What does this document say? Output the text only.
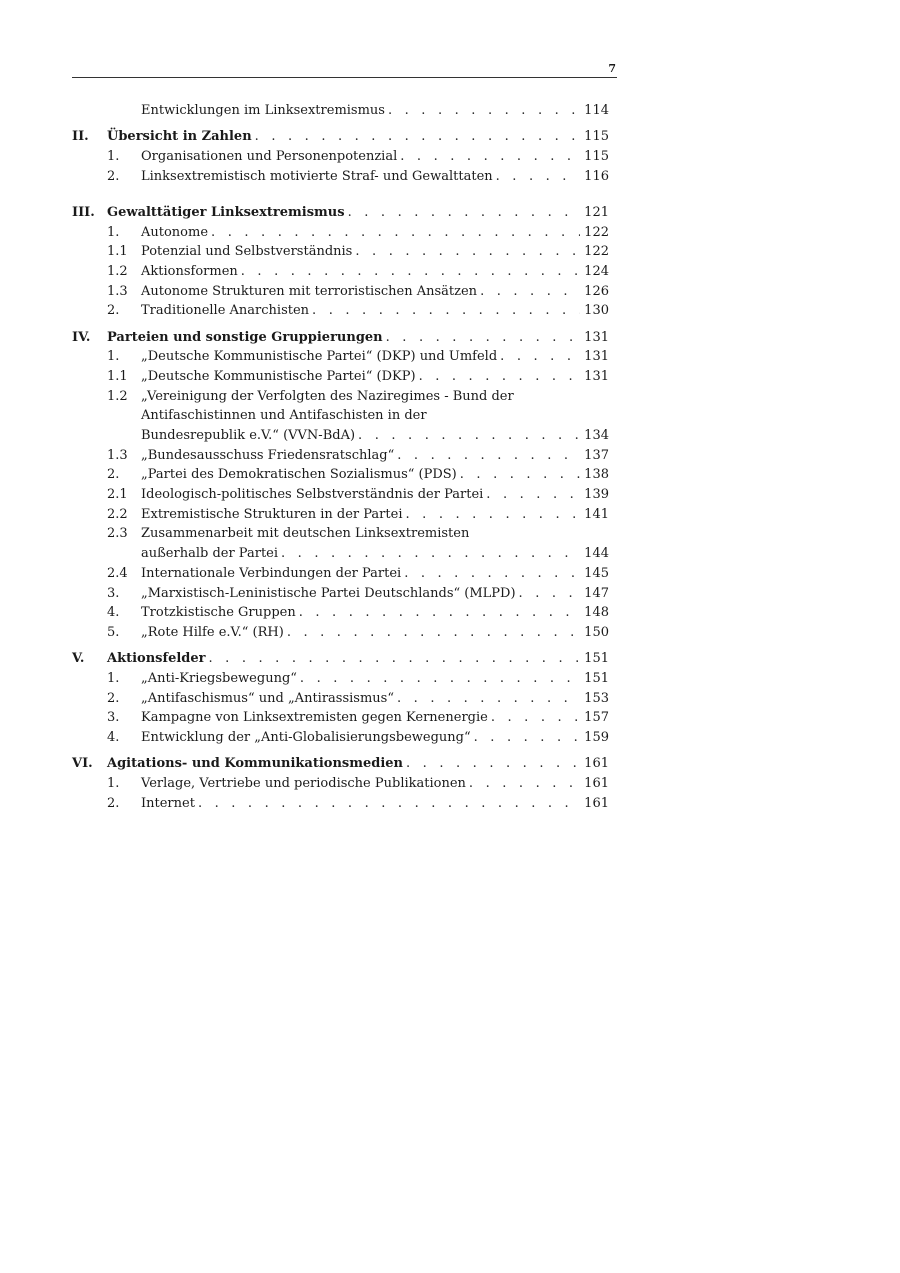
7
Entwicklungen im Linksextremismus . . .	114
II. Übersicht in Zahlen . . .	115
1. Organisationen und Personenpotenzial . . .	115
2. Linksextremistisch motivierte Straf- und Gewalttaten . . .	116
III. Gewalttätiger Linksextremismus . . .	121
1. Autonome . . .	122
1.1 Potenzial und Selbstverständnis . . .	122
1.2 Aktionsformen . . .	124
1.3 Autonome Strukturen mit terroristischen Ansätzen . . .	126
2. Traditionelle Anarchisten . . .	130
IV. Parteien und sonstige Gruppierungen . . .	131
1. „Deutsche Kommunistische Partei“ (DKP) und Umfeld . . .	131
1.1 „Deutsche Kommunistische Partei“ (DKP) . . .	131
1.2 „Vereinigung der Verfolgten des Naziregimes - Bund der
Antifaschistinnen und Antifaschisten in der
Bundesrepublik e.V.“ (VVN-BdA) . . .	134
1.3 „Bundesausschuss Friedensratschlag“ . . .	137
2. „Partei des Demokratischen Sozialismus“ (PDS) . . .	138
2.1 Ideologisch-politisches Selbstverständnis der Partei . . .	139
2.2 Extremistische Strukturen in der Partei . . .	141
2.3 Zusammenarbeit mit deutschen Linksextremisten
außerhalb der Partei . . .	144
2.4 Internationale Verbindungen der Partei . . .	145
3. „Marxistisch-Leninistische Partei Deutschlands“ (MLPD) . . .	147
4. Trotzkistische Gruppen . . .	148
5. „Rote Hilfe e.V.“ (RH) . . .	150
V. Aktionsfelder . . .	151
1. „Anti-Kriegsbewegung“ . . .	151
2. „Antifaschismus“ und „Antirassismus“ . . .	153
3. Kampagne von Linksextremisten gegen Kernenergie . . .	157
4. Entwicklung der „Anti-Globalisierungsbewegung“ . . .	159
VI. Agitations- und Kommunikationsmedien . . .	161
1. Verlage, Vertriebe und periodische Publikationen . . .	161
2. Internet . . .	161
